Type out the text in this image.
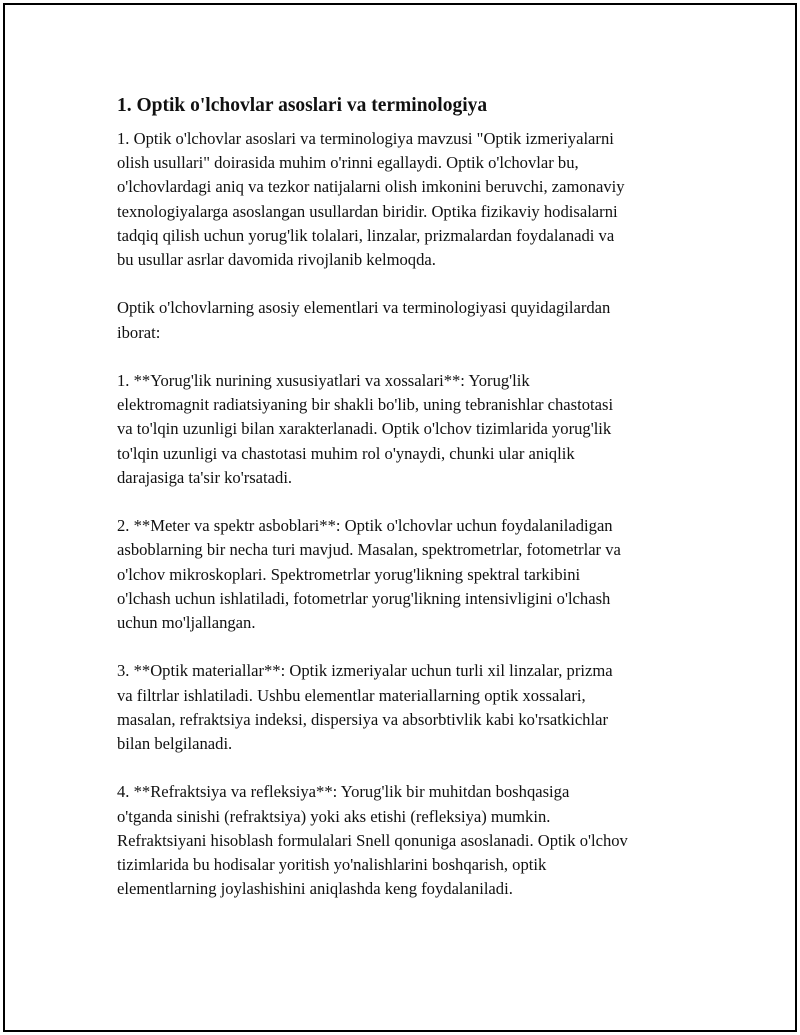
1. Optik o'lchovlar asoslari va terminologiya
1. Optik o'lchovlar asoslari va terminologiya mavzusi "Optik izmeriyalarni
olish usullari" doirasida muhim o'rinni egallaydi. Optik o'lchovlar bu,
o'lchovlardagi aniq va tezkor natijalarni olish imkonini beruvchi, zamonaviy
texnologiyalarga asoslangan usullardan biridir. Optika fizikaviy hodisalarni
tadqiq qilish uchun yorug'lik tolalari, linzalar, prizmalardan foydalanadi va
bu usullar asrlar davomida rivojlanib kelmoqda.
Optik o'lchovlarning asosiy elementlari va terminologiyasi quyidagilardan
iborat:
1. **Yorug'lik nurining xususiyatlari va xossalari**: Yorug'lik
elektromagnit radiatsiyaning bir shakli bo'lib, uning tebranishlar chastotasi
va to'lqin uzunligi bilan xarakterlanadi. Optik o'lchov tizimlarida yorug'lik
to'lqin uzunligi va chastotasi muhim rol o'ynaydi, chunki ular aniqlik
darajasiga ta'sir ko'rsatadi.
2. **Meter va spektr asboblari**: Optik o'lchovlar uchun foydalaniladigan
asboblarning bir necha turi mavjud. Masalan, spektrometrlar, fotometrlar va
o'lchov mikroskoplari. Spektrometrlar yorug'likning spektral tarkibini
o'lchash uchun ishlatiladi, fotometrlar yorug'likning intensivligini o'lchash
uchun mo'ljallangan.
3. **Optik materiallar**: Optik izmeriyalar uchun turli xil linzalar, prizma
va filtrlar ishlatiladi. Ushbu elementlar materiallarning optik xossalari,
masalan, refraktsiya indeksi, dispersiya va absorbtivlik kabi ko'rsatkichlar
bilan belgilanadi.
4. **Refraktsiya va refleksiya**: Yorug'lik bir muhitdan boshqasiga
o'tganda sinishi (refraktsiya) yoki aks etishi (refleksiya) mumkin.
Refraktsiyani hisoblash formulalari Snell qonuniga asoslanadi. Optik o'lchov
tizimlarida bu hodisalar yoritish yo'nalishlarini boshqarish, optik
elementlarning joylashishini aniqlashda keng foydalaniladi.
